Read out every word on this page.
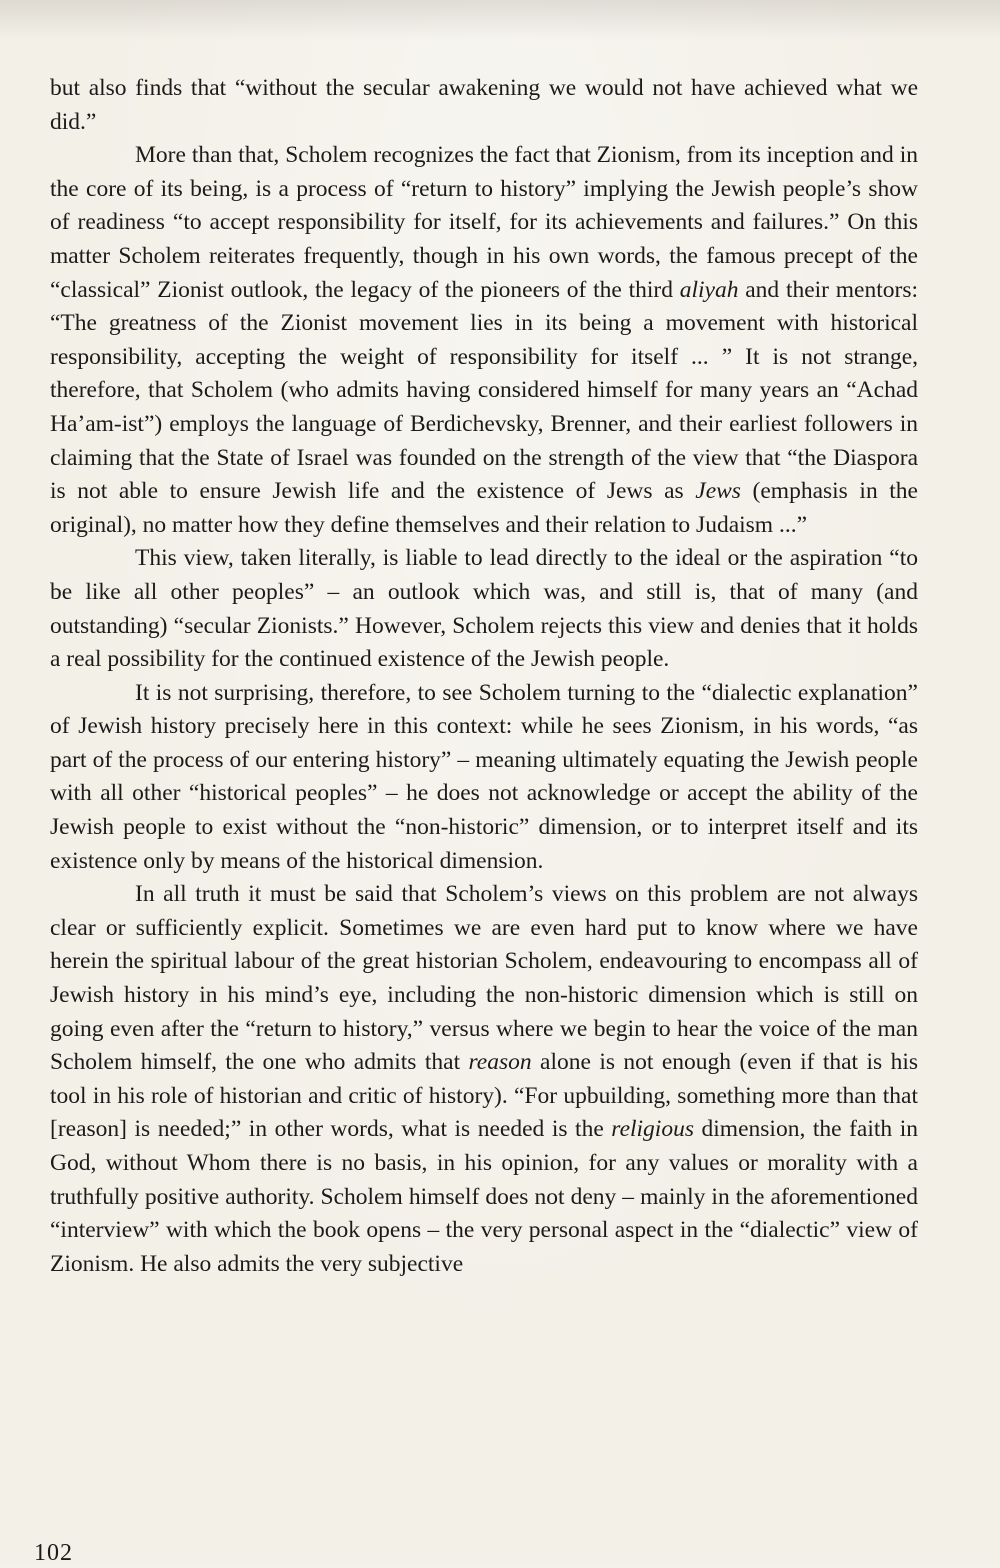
but also finds that “without the secular awakening we would not have achieved what we did.”

More than that, Scholem recognizes the fact that Zionism, from its inception and in the core of its being, is a process of “return to history” implying the Jewish people’s show of readiness “to accept responsibility for itself, for its achievements and failures.” On this matter Scholem reiterates frequently, though in his own words, the famous precept of the “classical” Zionist outlook, the legacy of the pioneers of the third aliyah and their mentors: “The greatness of the Zionist movement lies in its being a movement with historical responsibility, accepting the weight of responsibility for itself ... ” It is not strange, therefore, that Scholem (who admits having considered himself for many years an “Achad Ha’am-ist”) employs the language of Berdichevsky, Brenner, and their earliest followers in claiming that the State of Israel was founded on the strength of the view that “the Diaspora is not able to ensure Jewish life and the existence of Jews as Jews (emphasis in the original), no matter how they define themselves and their relation to Judaism ...”

This view, taken literally, is liable to lead directly to the ideal or the aspiration “to be like all other peoples” – an outlook which was, and still is, that of many (and outstanding) “secular Zionists.” However, Scholem rejects this view and denies that it holds a real possibility for the continued existence of the Jewish people.

It is not surprising, therefore, to see Scholem turning to the “dialectic explanation” of Jewish history precisely here in this context: while he sees Zionism, in his words, “as part of the process of our entering history” – meaning ultimately equating the Jewish people with all other “historical peoples” – he does not acknowledge or accept the ability of the Jewish people to exist without the “non-historic” dimension, or to interpret itself and its existence only by means of the historical dimension.

In all truth it must be said that Scholem’s views on this problem are not always clear or sufficiently explicit. Sometimes we are even hard put to know where we have herein the spiritual labour of the great historian Scholem, endeavouring to encompass all of Jewish history in his mind’s eye, including the non-historic dimension which is still on going even after the “return to history,” versus where we begin to hear the voice of the man Scholem himself, the one who admits that reason alone is not enough (even if that is his tool in his role of historian and critic of history). “For upbuilding, something more than that [reason] is needed;” in other words, what is needed is the religious dimension, the faith in God, without Whom there is no basis, in his opinion, for any values or morality with a truthfully positive authority. Scholem himself does not deny – mainly in the aforementioned “interview” with which the book opens – the very personal aspect in the “dialectic” view of Zionism. He also admits the very subjective

102
